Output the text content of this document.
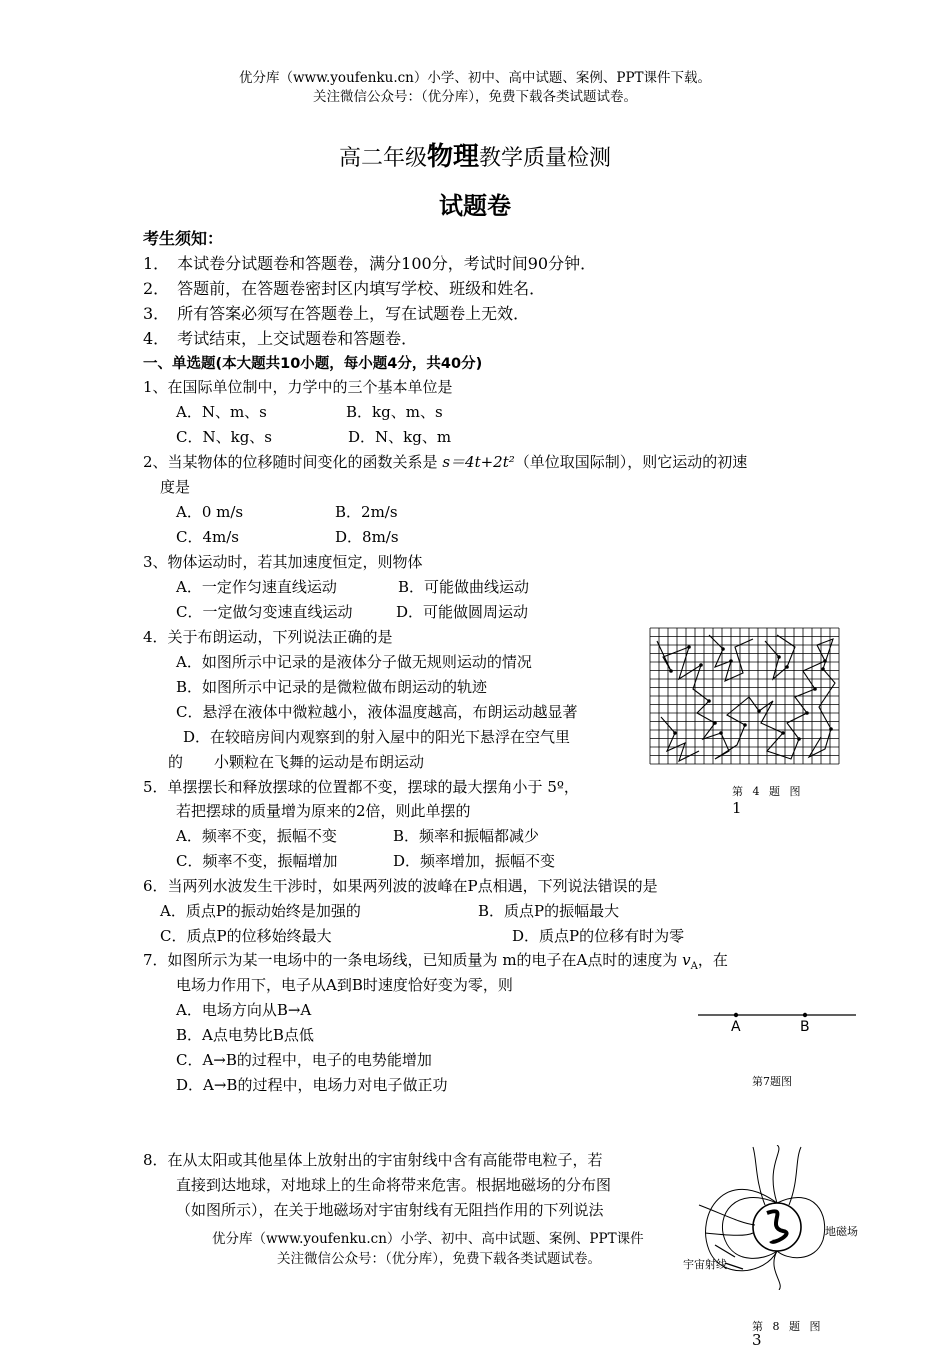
优分库（www.youfenku.cn）小学、初中、高中试题、案例、PPT课件下载。
关注微信公众号：（优分库），免费下载各类试题试卷。
高二年级物理教学质量检测
试题卷
考生须知：
1．　本试卷分试题卷和答题卷，满分100分，考试时间90分钟．
2．　答题前，在答题卷密封区内填写学校、班级和姓名．
3．　所有答案必须写在答题卷上，写在试题卷上无效．
4．　考试结束，上交试题卷和答题卷．
一、单选题(本大题共10小题，每小题4分，共40分)
1、在国际单位制中，力学中的三个基本单位是
A．N、m、s	B．kg、m、s
C．N、kg、s	D．N、kg、m
2、当某物体的位移随时间变化的函数关系是 s＝4t+2t²（单位取国际制），则它运动的初速
度是
A．0 m/s	B．2m/s
C．4m/s	D．8m/s
3、物体运动时，若其加速度恒定，则物体
A．一定作匀速直线运动	B．可能做曲线运动
C．一定做匀变速直线运动	D．可能做圆周运动
4．关于布朗运动，下列说法正确的是
A．如图所示中记录的是液体分子做无规则运动的情况
B．如图所示中记录的是微粒做布朗运动的轨迹
C．悬浮在液体中微粒越小，液体温度越高，布朗运动越显著
D．在较暗房间内观察到的射入屋中的阳光下悬浮在空气里
的 小颗粒在飞舞的运动是布朗运动
第 4 题 图
1
5．单摆摆长和释放摆球的位置都不变，摆球的最大摆角小于 5º，
若把摆球的质量增为原来的2倍，则此单摆的
A．频率不变，振幅不变	B．频率和振幅都减少
C．频率不变，振幅增加	D．频率增加，振幅不变
6．当两列水波发生干涉时，如果两列波的波峰在P点相遇，下列说法错误的是
A．质点P的振动始终是加强的	B．质点P的振幅最大
C．质点P的位移始终最大	D．质点P的位移有时为零
7．如图所示为某一电场中的一条电场线，已知质量为 m的电子在A点时的速度为 $v_A$，在
电场力作用下，电子从A到B时速度恰好变为零，则
A．电场方向从B→A
B．A点电势比B点低
C．A→B的过程中，电子的电势能增加
D．A→B的过程中，电场力对电子做正功
A	B
第7题图
8．在从太阳或其他星体上放射出的宇宙射线中含有高能带电粒子，若
直接到达地球，对地球上的生命将带来危害。根据地磁场的分布图
（如图所示），在关于地磁场对宇宙射线有无阻挡作用的下列说法
地磁场
宇宙射线
第 8 题 图
3
优分库（www.youfenku.cn）小学、初中、高中试题、案例、PPT课件
关注微信公众号：（优分库），免费下载各类试题试卷。
